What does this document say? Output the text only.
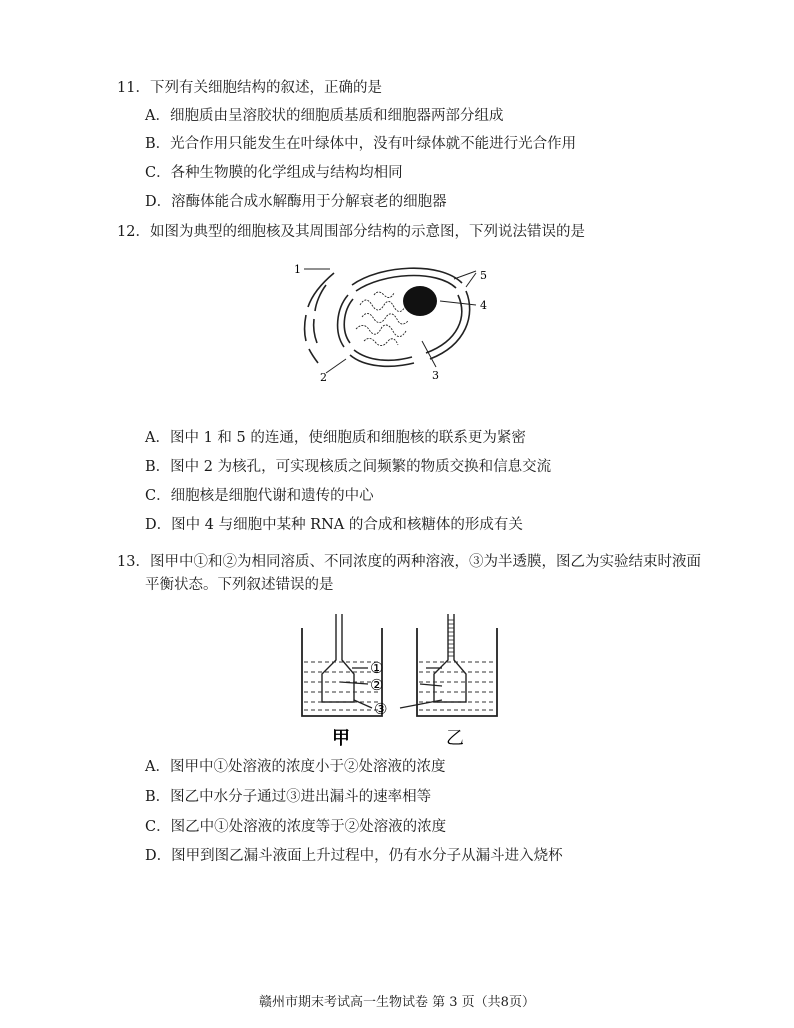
11．下列有关细胞结构的叙述，正确的是
A．细胞质由呈溶胶状的细胞质基质和细胞器两部分组成
B．光合作用只能发生在叶绿体中，没有叶绿体就不能进行光合作用
C．各种生物膜的化学组成与结构均相同
D．溶酶体能合成水解酶用于分解衰老的细胞器
12．如图为典型的细胞核及其周围部分结构的示意图，下列说法错误的是
1
2	3
4
5
A．图中 1 和 5 的连通，使细胞质和细胞核的联系更为紧密
B．图中 2 为核孔，可实现核质之间频繁的物质交换和信息交流
C．细胞核是细胞代谢和遗传的中心
D．图中 4 与细胞中某种 RNA 的合成和核糖体的形成有关
13．图甲中①和②为相同溶质、不同浓度的两种溶液，③为半透膜，图乙为实验结束时液面
平衡状态。下列叙述错误的是
①
②
③
甲	乙
A．图甲中①处溶液的浓度小于②处溶液的浓度
B．图乙中水分子通过③进出漏斗的速率相等
C．图乙中①处溶液的浓度等于②处溶液的浓度
D．图甲到图乙漏斗液面上升过程中，仍有水分子从漏斗进入烧杯
赣州市期末考试高一生物试卷 第 3 页（共8页）
